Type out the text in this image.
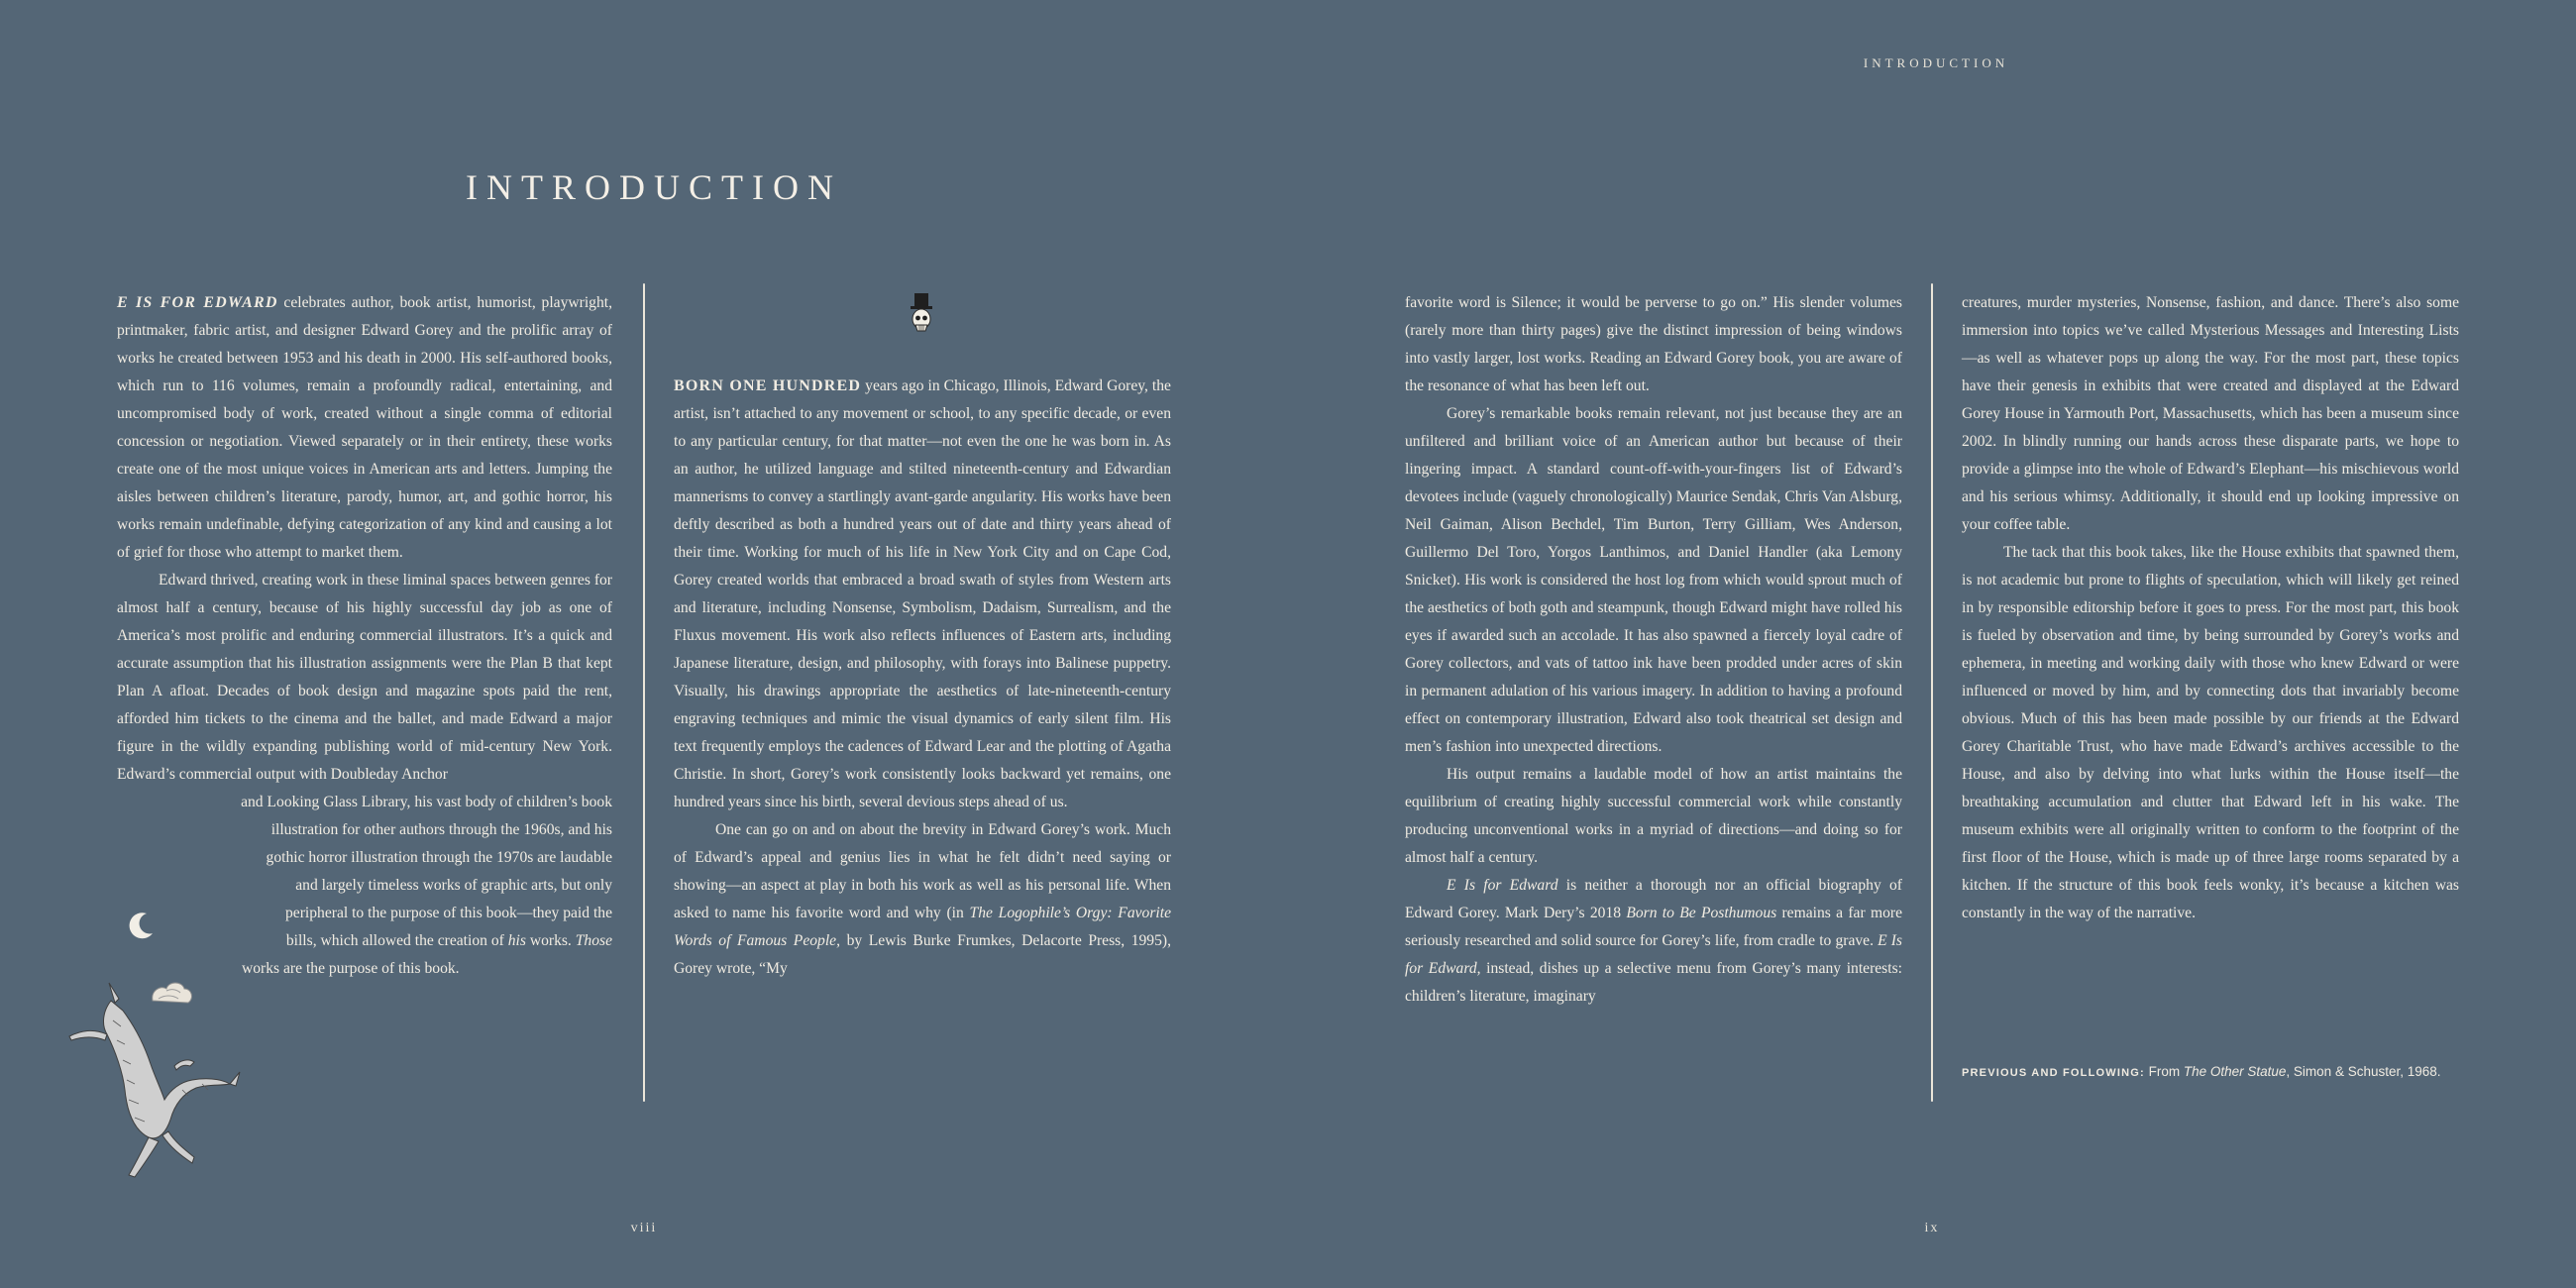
INTRODUCTION
INTRODUCTION

E IS FOR EDWARD celebrates author, book artist, humorist, playwright, printmaker, fabric artist, and designer Edward Gorey and the prolific array of works he created between 1953 and his death in 2000. His self-authored books, which run to 116 volumes, remain a profoundly radical, entertaining, and uncompromised body of work, created without a single comma of editorial concession or negotiation. Viewed separately or in their entirety, these works create one of the most unique voices in American arts and letters. Jumping the aisles between children’s literature, parody, humor, art, and gothic horror, his works remain undefinable, defying categorization of any kind and causing a lot of grief for those who attempt to market them.

Edward thrived, creating work in these liminal spaces between genres for almost half a century, because of his highly successful day job as one of America’s most prolific and enduring commercial illustrators. It’s a quick and accurate assumption that his illustration assignments were the Plan B that kept Plan A afloat. Decades of book design and magazine spots paid the rent, afforded him tickets to the cinema and the ballet, and made Edward a major figure in the wildly expanding publishing world of mid-century New York. Edward’s commercial output with Doubleday Anchor

and Looking Glass Library, his vast body of children’s book
illustration for other authors through the 1960s, and his
gothic horror illustration through the 1970s are laudable
and largely timeless works of graphic arts, but only
peripheral to the purpose of this book—they paid the
bills, which allowed the creation of his works. Those
works are the purpose of this book.

BORN ONE HUNDRED years ago in Chicago, Illinois, Edward Gorey, the artist, isn’t attached to any movement or school, to any specific decade, or even to any particular century, for that matter—not even the one he was born in. As an author, he utilized language and stilted nineteenth-century and Edwardian mannerisms to convey a startlingly avant-garde angularity. His works have been deftly described as both a hundred years out of date and thirty years ahead of their time. Working for much of his life in New York City and on Cape Cod, Gorey created worlds that embraced a broad swath of styles from Western arts and literature, including Nonsense, Symbolism, Dadaism, Surrealism, and the Fluxus movement. His work also reflects influences of Eastern arts, including Japanese literature, design, and philosophy, with forays into Balinese puppetry. Visually, his drawings appropriate the aesthetics of late-nineteenth-century engraving techniques and mimic the visual dynamics of early silent film. His text frequently employs the cadences of Edward Lear and the plotting of Agatha Christie. In short, Gorey’s work consistently looks backward yet remains, one hundred years since his birth, several devious steps ahead of us.

One can go on and on about the brevity in Edward Gorey’s work. Much of Edward’s appeal and genius lies in what he felt didn’t need saying or showing—an aspect at play in both his work as well as his personal life. When asked to name his favorite word and why (in The Logophile’s Orgy: Favorite Words of Famous People, by Lewis Burke Frumkes, Delacorte Press, 1995), Gorey wrote, “My

viii

favorite word is Silence; it would be perverse to go on.” His slender volumes (rarely more than thirty pages) give the distinct impression of being windows into vastly larger, lost works. Reading an Edward Gorey book, you are aware of the resonance of what has been left out.

Gorey’s remarkable books remain relevant, not just because they are an unfiltered and brilliant voice of an American author but because of their lingering impact. A standard count-off-with-your-fingers list of Edward’s devotees include (vaguely chronologically) Maurice Sendak, Chris Van Alsburg, Neil Gaiman, Alison Bechdel, Tim Burton, Terry Gilliam, Wes Anderson, Guillermo Del Toro, Yorgos Lanthimos, and Daniel Handler (aka Lemony Snicket). His work is considered the host log from which would sprout much of the aesthetics of both goth and steampunk, though Edward might have rolled his eyes if awarded such an accolade. It has also spawned a fiercely loyal cadre of Gorey collectors, and vats of tattoo ink have been prodded under acres of skin in permanent adulation of his various imagery. In addition to having a profound effect on contemporary illustration, Edward also took theatrical set design and men’s fashion into unexpected directions.

His output remains a laudable model of how an artist maintains the equilibrium of creating highly successful commercial work while constantly producing unconventional works in a myriad of directions—and doing so for almost half a century.

E Is for Edward is neither a thorough nor an official biography of Edward Gorey. Mark Dery’s 2018 Born to Be Posthumous remains a far more seriously researched and solid source for Gorey’s life, from cradle to grave. E Is for Edward, instead, dishes up a selective menu from Gorey’s many interests: children’s literature, imaginary

creatures, murder mysteries, Nonsense, fashion, and dance. There’s also some immersion into topics we’ve called Mysterious Messages and Interesting Lists—as well as whatever pops up along the way. For the most part, these topics have their genesis in exhibits that were created and displayed at the Edward Gorey House in Yarmouth Port, Massachusetts, which has been a museum since 2002. In blindly running our hands across these disparate parts, we hope to provide a glimpse into the whole of Edward’s Elephant—his mischievous world and his serious whimsy. Additionally, it should end up looking impressive on your coffee table.

The tack that this book takes, like the House exhibits that spawned them, is not academic but prone to flights of speculation, which will likely get reined in by responsible editorship before it goes to press. For the most part, this book is fueled by observation and time, by being surrounded by Gorey’s works and ephemera, in meeting and working daily with those who knew Edward or were influenced or moved by him, and by connecting dots that invariably become obvious. Much of this has been made possible by our friends at the Edward Gorey Charitable Trust, who have made Edward’s archives accessible to the House, and also by delving into what lurks within the House itself—the breathtaking accumulation and clutter that Edward left in his wake. The museum exhibits were all originally written to conform to the footprint of the first floor of the House, which is made up of three large rooms separated by a kitchen. If the structure of this book feels wonky, it’s because a kitchen was constantly in the way of the narrative.

PREVIOUS AND FOLLOWING: From The Other Statue, Simon & Schuster, 1968.
ix
